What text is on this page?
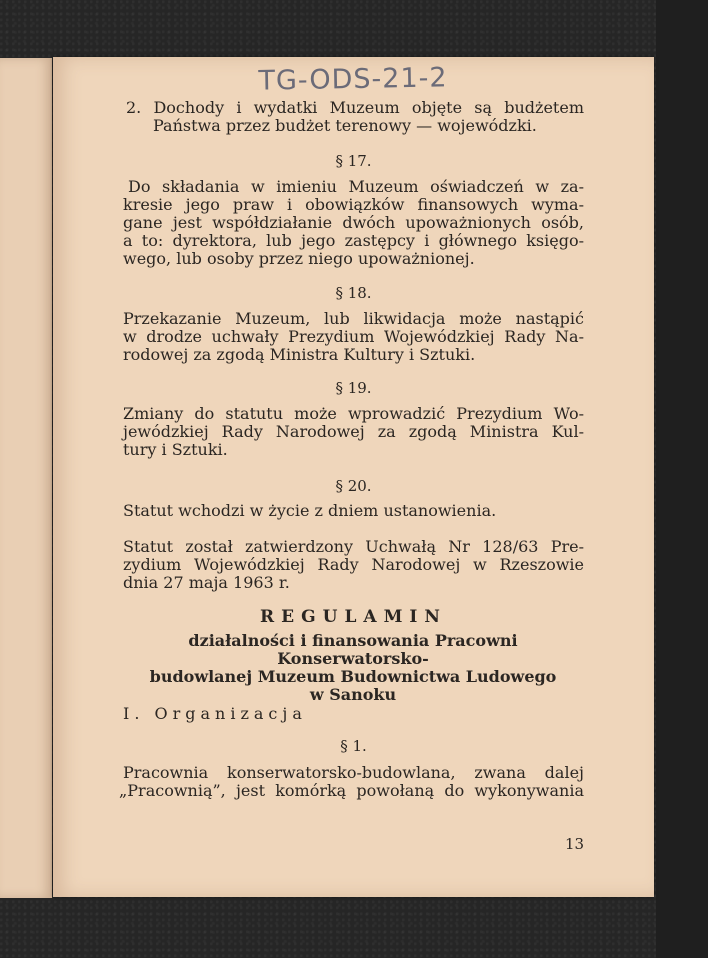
TG-ODS-21-2
2. Dochody i wydatki Muzeum objęte są budżetem
Państwa przez budżet terenowy — wojewódzki.
§ 17.
Do składania w imieniu Muzeum oświadczeń w za-
kresie jego praw i obowiązków finansowych wyma-
gane jest współdziałanie dwóch upoważnionych osób,
a to: dyrektora, lub jego zastępcy i głównego księgo-
wego, lub osoby przez niego upoważnionej.
§ 18.
Przekazanie Muzeum, lub likwidacja może nastąpić
w drodze uchwały Prezydium Wojewódzkiej Rady Na-
rodowej za zgodą Ministra Kultury i Sztuki.
§ 19.
Zmiany do statutu może wprowadzić Prezydium Wo-
jewódzkiej Rady Narodowej za zgodą Ministra Kul-
tury i Sztuki.
§ 20.
Statut wchodzi w życie z dniem ustanowienia.
Statut został zatwierdzony Uchwałą Nr 128/63 Pre-
zydium Wojewódzkiej Rady Narodowej w Rzeszowie
dnia 27 maja 1963 r.
REGULAMIN
działalności i finansowania Pracowni Konserwatorsko-
budowlanej Muzeum Budownictwa Ludowego
w Sanoku
I. Organizacja
§ 1.
Pracownia konserwatorsko-budowlana, zwana dalej
„Pracownią”, jest komórką powołaną do wykonywania
13
